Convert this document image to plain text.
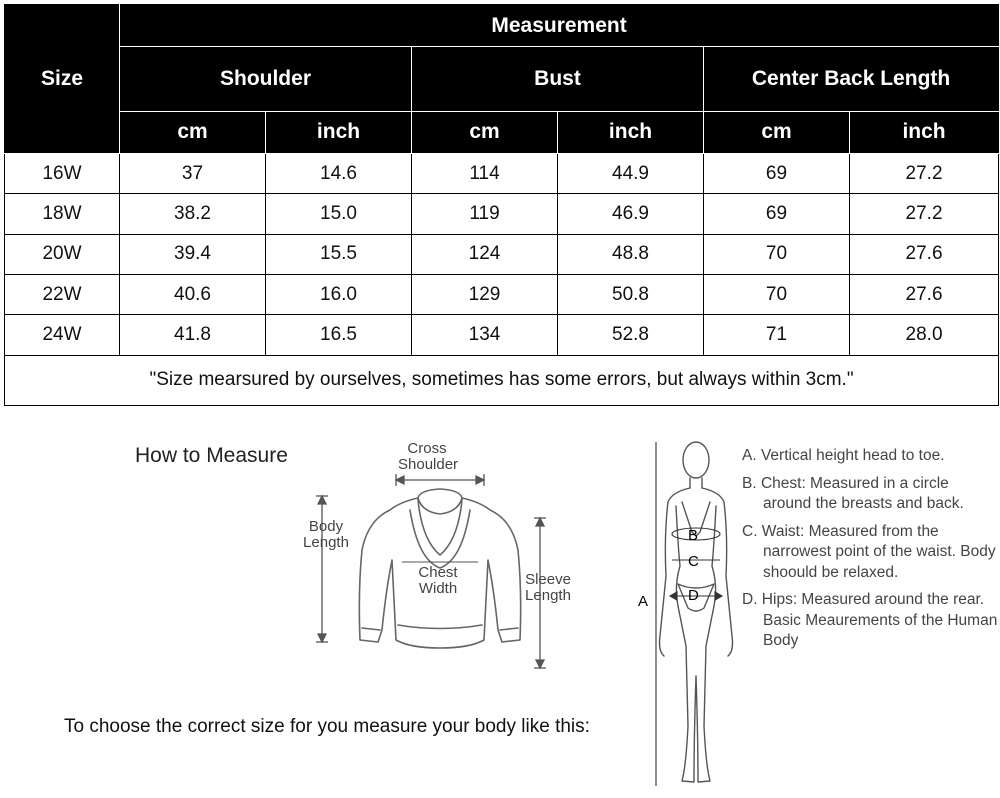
Size	Measurement					
	Shoulder		Bust		Center Back Length	
	cm	inch	cm	inch	cm	inch
16W	37	14.6	114	44.9	69	27.2
18W	38.2	15.0	119	46.9	69	27.2
20W	39.4	15.5	124	48.8	70	27.6
22W	40.6	16.0	129	50.8	70	27.6
24W	41.8	16.5	134	52.8	71	28.0
"Size mearsured by ourselves, sometimes has some errors, but always within 3cm."						
How to Measure	Cross Shoulder
Body Length
Chest Width
Sleeve Length
To choose the correct size for you measure your body like this:
A
B
C
D
A. Vertical height head to toe.
B. Chest: Measured in a circle around the breasts and back.
C. Waist: Measured from the narrowest point of the waist. Body shoould be relaxed.
D. Hips: Measured around the rear. Basic Meaurements of the Human Body
